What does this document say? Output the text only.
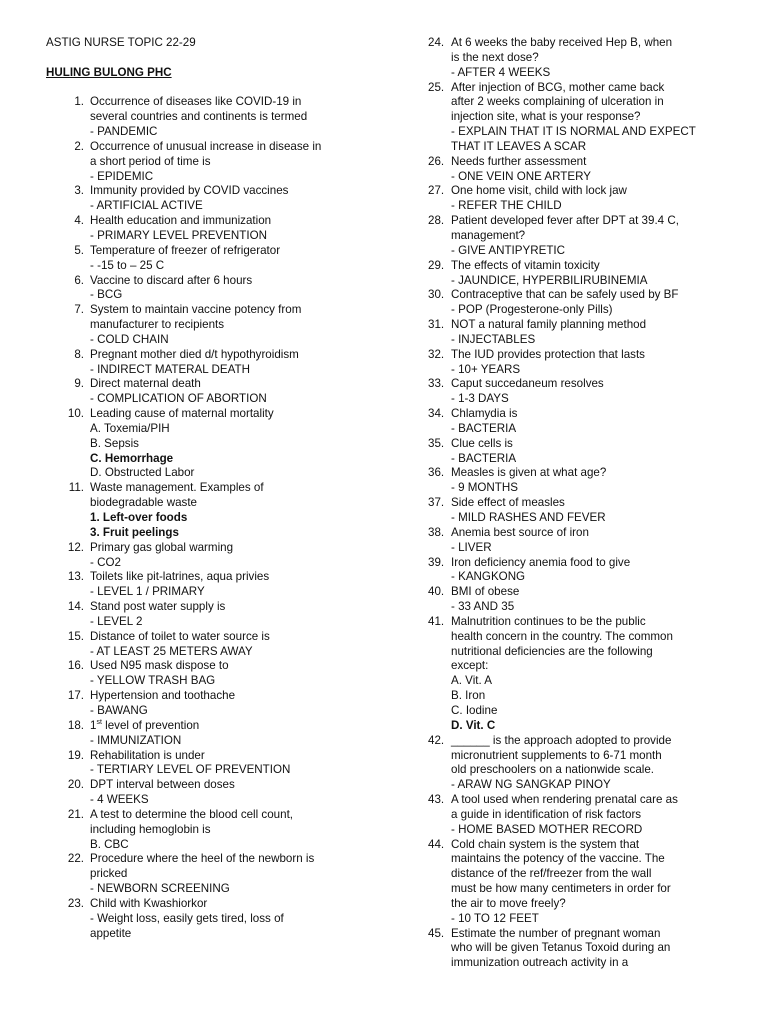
ASTIG NURSE TOPIC 22-29
HULING BULONG PHC
1. Occurrence of diseases like COVID-19 in
several countries and continents is termed
- PANDEMIC
2. Occurrence of unusual increase in disease in
a short period of time is
- EPIDEMIC
3. Immunity provided by COVID vaccines
- ARTIFICIAL ACTIVE
4. Health education and immunization
- PRIMARY LEVEL PREVENTION
5. Temperature of freezer of refrigerator
- -15 to – 25 C
6. Vaccine to discard after 6 hours
- BCG
7. System to maintain vaccine potency from
manufacturer to recipients
- COLD CHAIN
8. Pregnant mother died d/t hypothyroidism
- INDIRECT MATERAL DEATH
9. Direct maternal death
- COMPLICATION OF ABORTION
10. Leading cause of maternal mortality
A. Toxemia/PIH
B. Sepsis
C. Hemorrhage
D. Obstructed Labor
11. Waste management. Examples of
biodegradable waste
1. Left-over foods
3. Fruit peelings
12. Primary gas global warming
- CO2
13. Toilets like pit-latrines, aqua privies
- LEVEL 1 / PRIMARY
14. Stand post water supply is
- LEVEL 2
15. Distance of toilet to water source is
- AT LEAST 25 METERS AWAY
16. Used N95 mask dispose to
- YELLOW TRASH BAG
17. Hypertension and toothache
- BAWANG
18. 1st level of prevention
- IMMUNIZATION
19. Rehabilitation is under
- TERTIARY LEVEL OF PREVENTION
20. DPT interval between doses
- 4 WEEKS
21. A test to determine the blood cell count,
including hemoglobin is
B. CBC
22. Procedure where the heel of the newborn is
pricked
- NEWBORN SCREENING
23. Child with Kwashiorkor
- Weight loss, easily gets tired, loss of
appetite
24. At 6 weeks the baby received Hep B, when
is the next dose?
- AFTER 4 WEEKS
25. After injection of BCG, mother came back
after 2 weeks complaining of ulceration in
injection site, what is your response?
- EXPLAIN THAT IT IS NORMAL AND EXPECT
THAT IT LEAVES A SCAR
26. Needs further assessment
- ONE VEIN ONE ARTERY
27. One home visit, child with lock jaw
- REFER THE CHILD
28. Patient developed fever after DPT at 39.4 C,
management?
- GIVE ANTIPYRETIC
29. The effects of vitamin toxicity
- JAUNDICE, HYPERBILIRUBINEMIA
30. Contraceptive that can be safely used by BF
- POP (Progesterone-only Pills)
31. NOT a natural family planning method
- INJECTABLES
32. The IUD provides protection that lasts
- 10+ YEARS
33. Caput succedaneum resolves
- 1-3 DAYS
34. Chlamydia is
- BACTERIA
35. Clue cells is
- BACTERIA
36. Measles is given at what age?
- 9 MONTHS
37. Side effect of measles
- MILD RASHES AND FEVER
38. Anemia best source of iron
- LIVER
39. Iron deficiency anemia food to give
- KANGKONG
40. BMI of obese
- 33 AND 35
41. Malnutrition continues to be the public
health concern in the country. The common
nutritional deficiencies are the following
except:
A. Vit. A
B. Iron
C. Iodine
D. Vit. C
42. ______ is the approach adopted to provide
micronutrient supplements to 6-71 month
old preschoolers on a nationwide scale.
- ARAW NG SANGKAP PINOY
43. A tool used when rendering prenatal care as
a guide in identification of risk factors
- HOME BASED MOTHER RECORD
44. Cold chain system is the system that
maintains the potency of the vaccine. The
distance of the ref/freezer from the wall
must be how many centimeters in order for
the air to move freely?
- 10 TO 12 FEET
45. Estimate the number of pregnant woman
who will be given Tetanus Toxoid during an
immunization outreach activity in a
